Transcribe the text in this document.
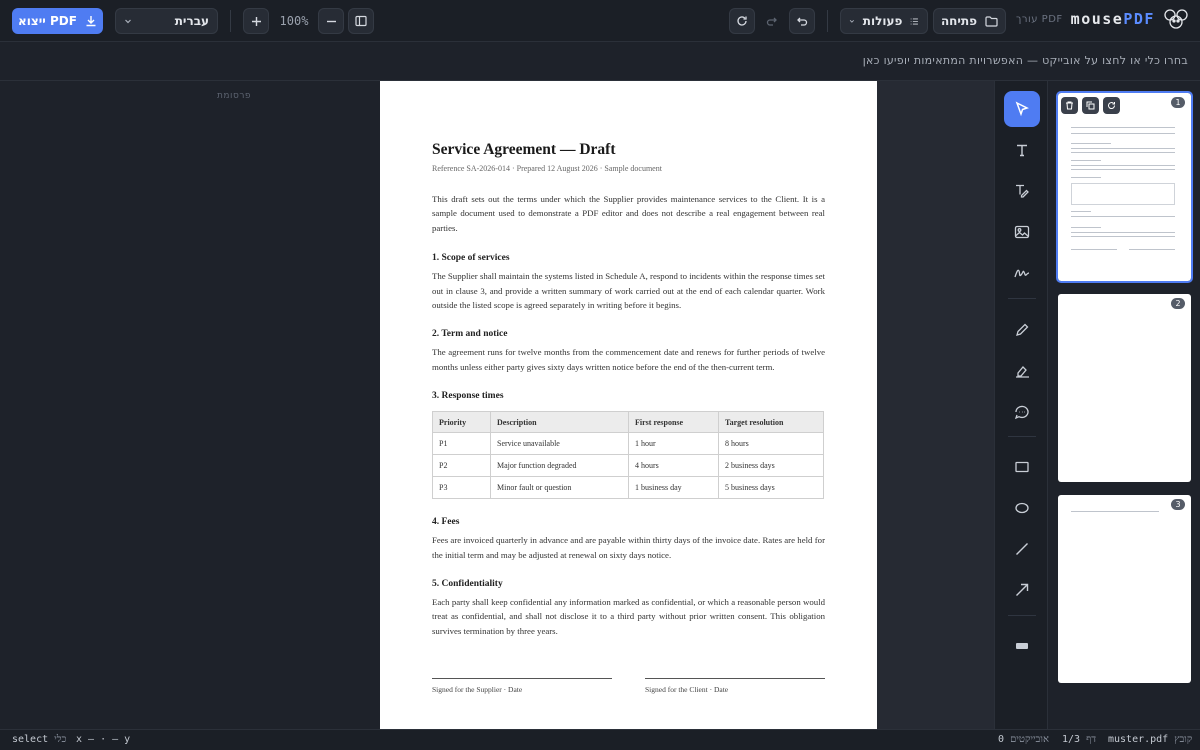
ייצוא PDF	עברית	100%	פעולות	פתיחה	עורך PDF mousePDF
בחרו כלי או לחצו על אובייקט — האפשרויות המתאימות יופיעו כאן
פרסומת
Service Agreement — Draft
Reference SA-2026-014 · Prepared 12 August 2026 · Sample document

This draft sets out the terms under which the Supplier provides maintenance services to the Client. It is a sample document used to demonstrate a PDF editor and does not describe a real engagement between real parties.

1. Scope of services

The Supplier shall maintain the systems listed in Schedule A, respond to incidents within the response times set out in clause 3, and provide a written summary of work carried out at the end of each calendar quarter. Work outside the listed scope is agreed separately in writing before it begins.

2. Term and notice

The agreement runs for twelve months from the commencement date and renews for further periods of twelve months unless either party gives sixty days written notice before the end of the then-current term.

3. Response times
Priority	Description	First response	Target resolution
P1	Service unavailable	1 hour	8 hours
P2	Major function degraded	4 hours	2 business days
P3	Minor fault or question	1 business day	5 business days
4. Fees

Fees are invoiced quarterly in advance and are payable within thirty days of the invoice date. Rates are held for the initial term and may be adjusted at renewal on sixty days notice.

5. Confidentiality

Each party shall keep confidential any information marked as confidential, or which a reasonable person would treat as confidential, and shall not disclose it to a third party without prior written consent. This obligation survives termination by three years.

Signed for the Supplier · Date	Signed for the Client · Date
1
2
3
select כלי x — · — y	0 אובייקטים 1/3 דף muster.pdf קובץ
